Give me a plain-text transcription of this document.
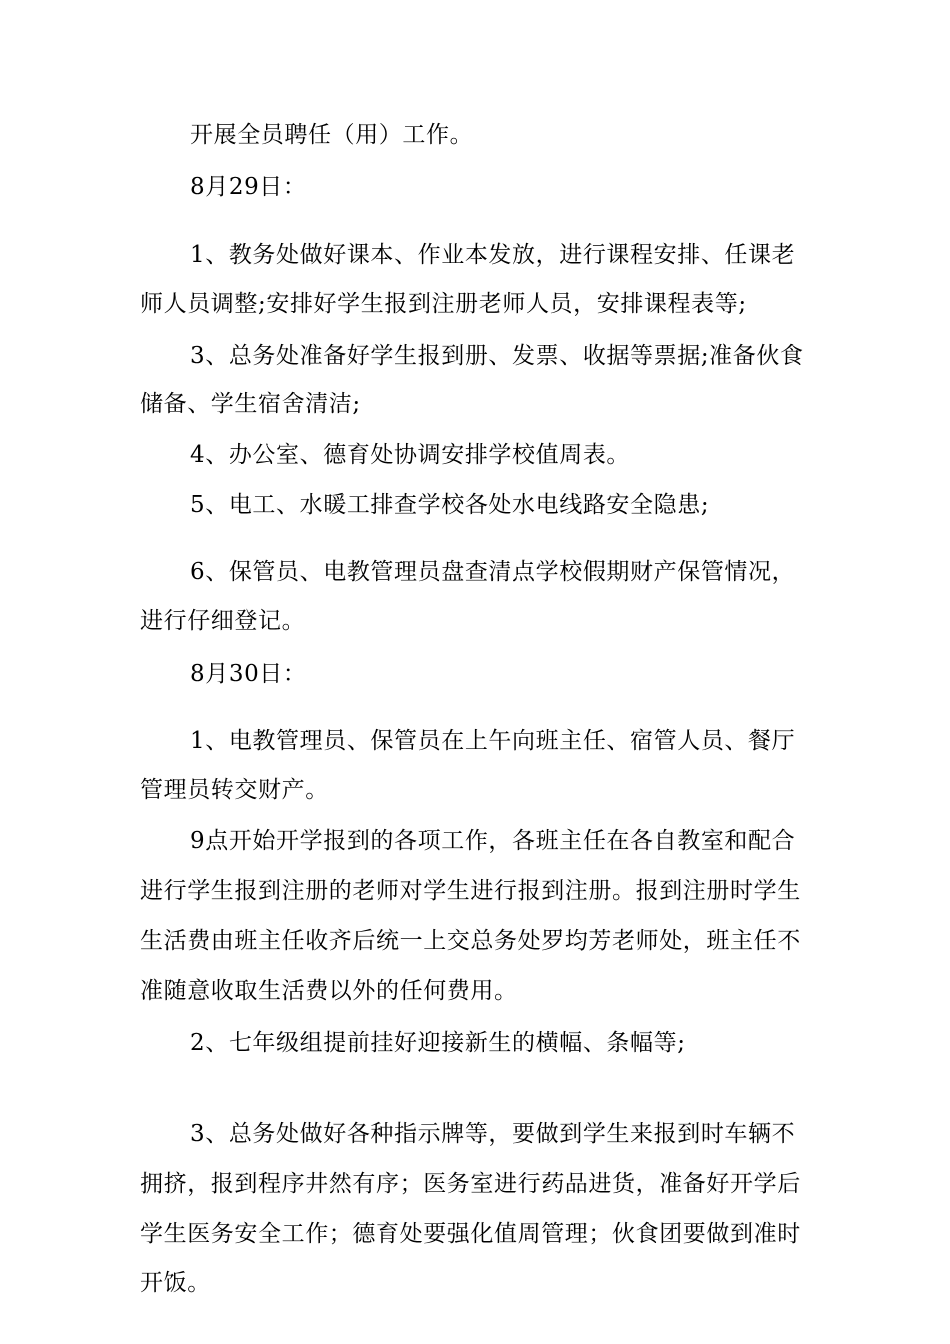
开展全员聘任（用）工作。
8月29日：
1、教务处做好课本、作业本发放，进行课程安排、任课老
师人员调整;安排好学生报到注册老师人员，安排课程表等;
3、总务处准备好学生报到册、发票、收据等票据;准备伙食
储备、学生宿舍清洁;
4、办公室、德育处协调安排学校值周表。
5、电工、水暖工排查学校各处水电线路安全隐患;
6、保管员、电教管理员盘查清点学校假期财产保管情况，
进行仔细登记。
8月30日：
1、电教管理员、保管员在上午向班主任、宿管人员、餐厅
管理员转交财产。
9点开始开学报到的各项工作，各班主任在各自教室和配合
进行学生报到注册的老师对学生进行报到注册。报到注册时学生
生活费由班主任收齐后统一上交总务处罗均芳老师处，班主任不
准随意收取生活费以外的任何费用。
2、七年级组提前挂好迎接新生的横幅、条幅等;
3、总务处做好各种指示牌等，要做到学生来报到时车辆不
拥挤，报到程序井然有序；医务室进行药品进货，准备好开学后
学生医务安全工作；德育处要强化值周管理；伙食团要做到准时
开饭。
